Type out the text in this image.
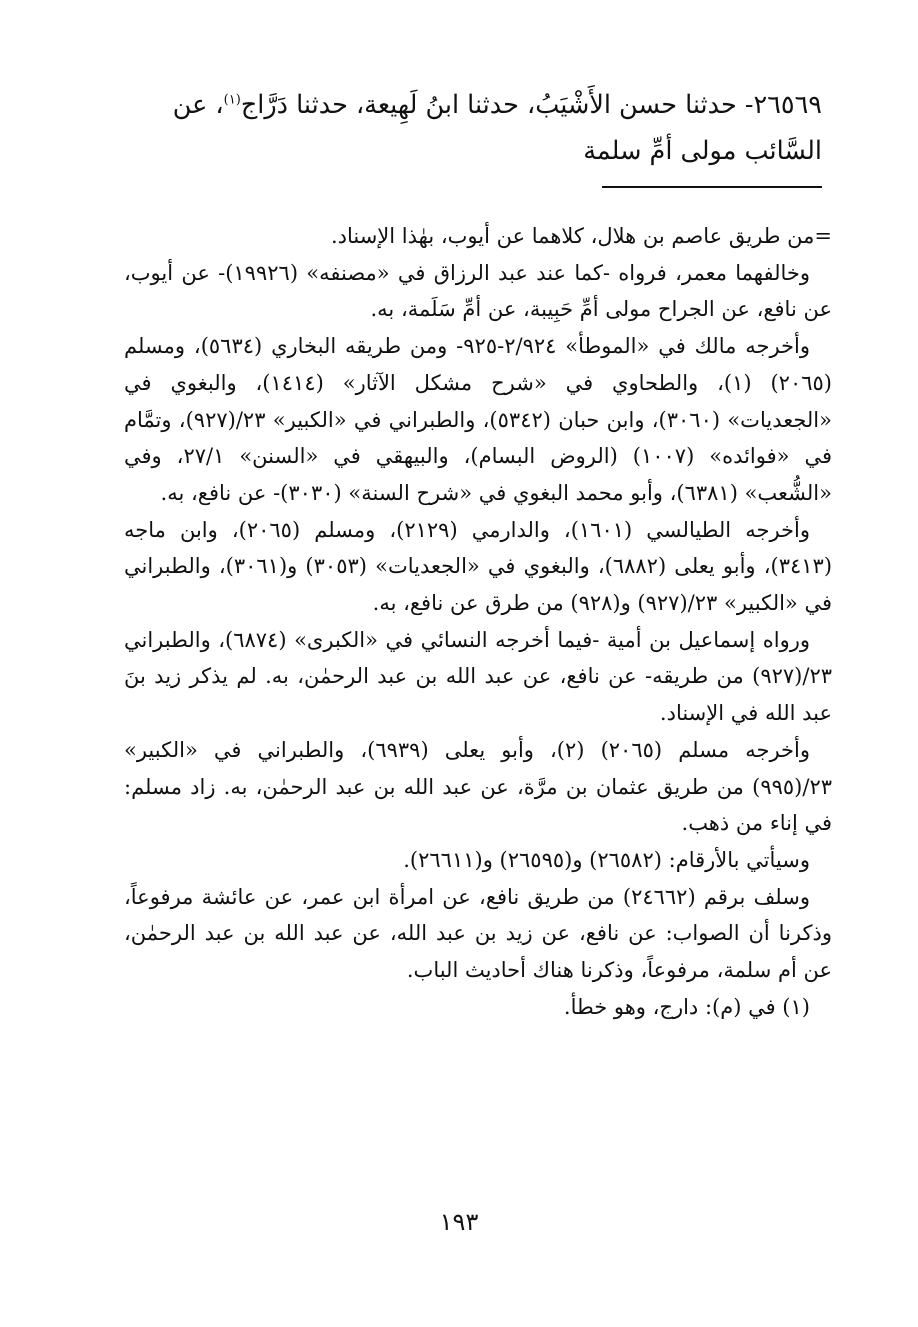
٢٦٥٦٩- حدثنا حسن الأَشْيَبُ، حدثنا ابنُ لَهِيعة، حدثنا دَرَّاج$^{(١)}$، عن

السَّائب مولى أمِّ سلمة

=من طريق عاصم بن هلال، كلاهما عن أيوب، بهٰذا الإسناد.

وخالفهما معمر، فرواه -كما عند عبد الرزاق في «مصنفه» (١٩٩٢٦)- عن أيوب، عن نافع، عن الجراح مولى أمِّ حَبِيبة، عن أمِّ سَلَمة، به.

وأخرجه مالك في «الموطأ» ٢/٩٢٤-٩٢٥- ومن طريقه البخاري (٥٦٣٤)، ومسلم (٢٠٦٥) (١)، والطحاوي في «شرح مشكل الآثار» (١٤١٤)، والبغوي في «الجعديات» (٣٠٦٠)، وابن حبان (٥٣٤٢)، والطبراني في «الكبير» ٢٣/(٩٢٧)، وتمَّام في «فوائده» (١٠٠٧) (الروض البسام)، والبيهقي في «السنن» ٢٧/١، وفي «الشُّعب» (٦٣٨١)، وأبو محمد البغوي في «شرح السنة» (٣٠٣٠)- عن نافع، به.

وأخرجه الطيالسي (١٦٠١)، والدارمي (٢١٢٩)، ومسلم (٢٠٦٥)، وابن ماجه (٣٤١٣)، وأبو يعلى (٦٨٨٢)، والبغوي في «الجعديات» (٣٠٥٣) و(٣٠٦١)، والطبراني في «الكبير» ٢٣/(٩٢٧) و(٩٢٨) من طرق عن نافع، به.

ورواه إسماعيل بن أمية -فيما أخرجه النسائي في «الكبرى» (٦٨٧٤)، والطبراني ٢٣/(٩٢٧) من طريقه- عن نافع، عن عبد الله بن عبد الرحمٰن، به. لم يذكر زيد بنَ عبد الله في الإسناد.

وأخرجه مسلم (٢٠٦٥) (٢)، وأبو يعلى (٦٩٣٩)، والطبراني في «الكبير» ٢٣/(٩٩٥) من طريق عثمان بن مرَّة، عن عبد الله بن عبد الرحمٰن، به. زاد مسلم: في إناء من ذهب.

وسيأتي بالأرقام: (٢٦٥٨٢) و(٢٦٥٩٥) و(٢٦٦١١).

وسلف برقم (٢٤٦٦٢) من طريق نافع، عن امرأة ابن عمر، عن عائشة مرفوعاً، وذكرنا أن الصواب: عن نافع، عن زيد بن عبد الله، عن عبد الله بن عبد الرحمٰن، عن أم سلمة، مرفوعاً، وذكرنا هناك أحاديث الباب.

(١) في (م): دارج، وهو خطأ.

١٩٣
